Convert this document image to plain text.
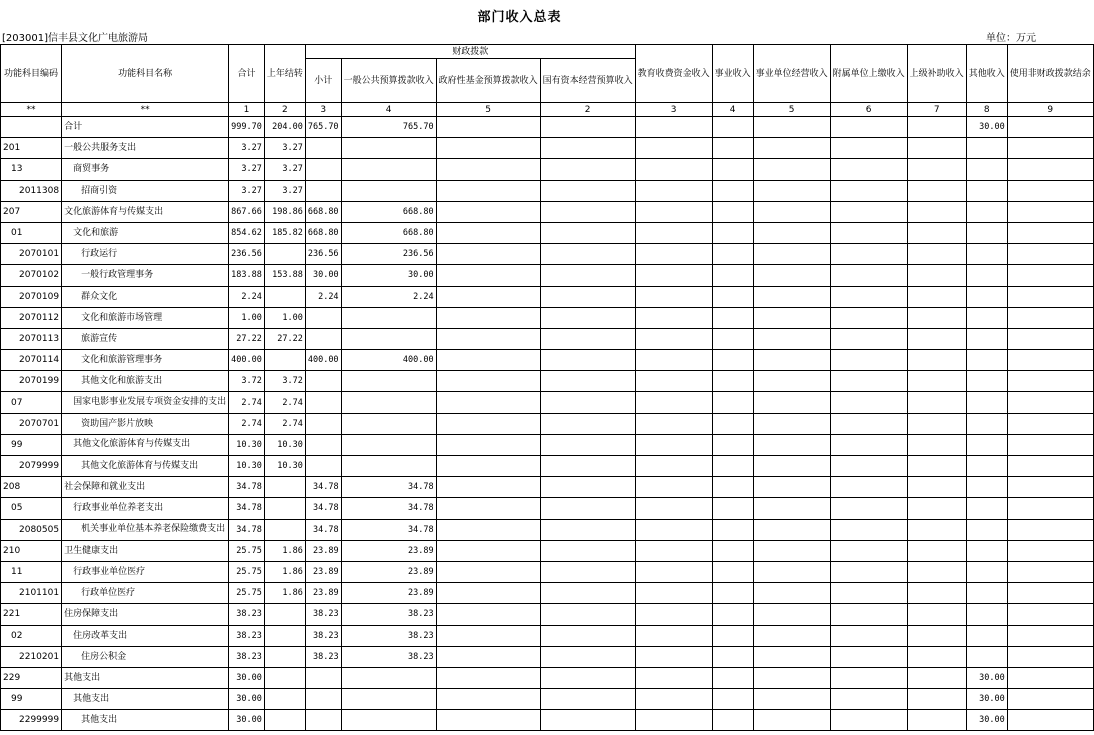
部门收入总表
[203001]信丰县文化广电旅游局	单位：万元
功能科目编码	功能科目名称	合计	上年结转	财政拨款				教育收费资金收入	事业收入	事业单位经营收入	附属单位上缴收入	上级补助收入	其他收入	使用非财政拨款结余
				小计	一般公共预算拨款收入	政府性基金预算拨款收入	国有资本经营预算收入							
**	**	1	2	3	4	5	2	3	4	5	6	7	8	9
	合计	999.70	204.00	765.70	765.70								30.00	
201	一般公共服务支出	3.27	3.27											
13	商贸事务	3.27	3.27											
2011308	招商引资	3.27	3.27											
207	文化旅游体育与传媒支出	867.66	198.86	668.80	668.80									
01	文化和旅游	854.62	185.82	668.80	668.80									
2070101	行政运行	236.56		236.56	236.56									
2070102	一般行政管理事务	183.88	153.88	30.00	30.00									
2070109	群众文化	2.24		2.24	2.24									
2070112	文化和旅游市场管理	1.00	1.00											
2070113	旅游宣传	27.22	27.22											
2070114	文化和旅游管理事务	400.00		400.00	400.00									
2070199	其他文化和旅游支出	3.72	3.72											
07	国家电影事业发展专项资金安排的支出	2.74	2.74											
2070701	资助国产影片放映	2.74	2.74											
99	其他文化旅游体育与传媒支出	10.30	10.30											
2079999	其他文化旅游体育与传媒支出	10.30	10.30											
208	社会保障和就业支出	34.78		34.78	34.78									
05	行政事业单位养老支出	34.78		34.78	34.78									
2080505	机关事业单位基本养老保险缴费支出	34.78		34.78	34.78									
210	卫生健康支出	25.75	1.86	23.89	23.89									
11	行政事业单位医疗	25.75	1.86	23.89	23.89									
2101101	行政单位医疗	25.75	1.86	23.89	23.89									
221	住房保障支出	38.23		38.23	38.23									
02	住房改革支出	38.23		38.23	38.23									
2210201	住房公积金	38.23		38.23	38.23									
229	其他支出	30.00											30.00	
99	其他支出	30.00											30.00	
2299999	其他支出	30.00											30.00	
